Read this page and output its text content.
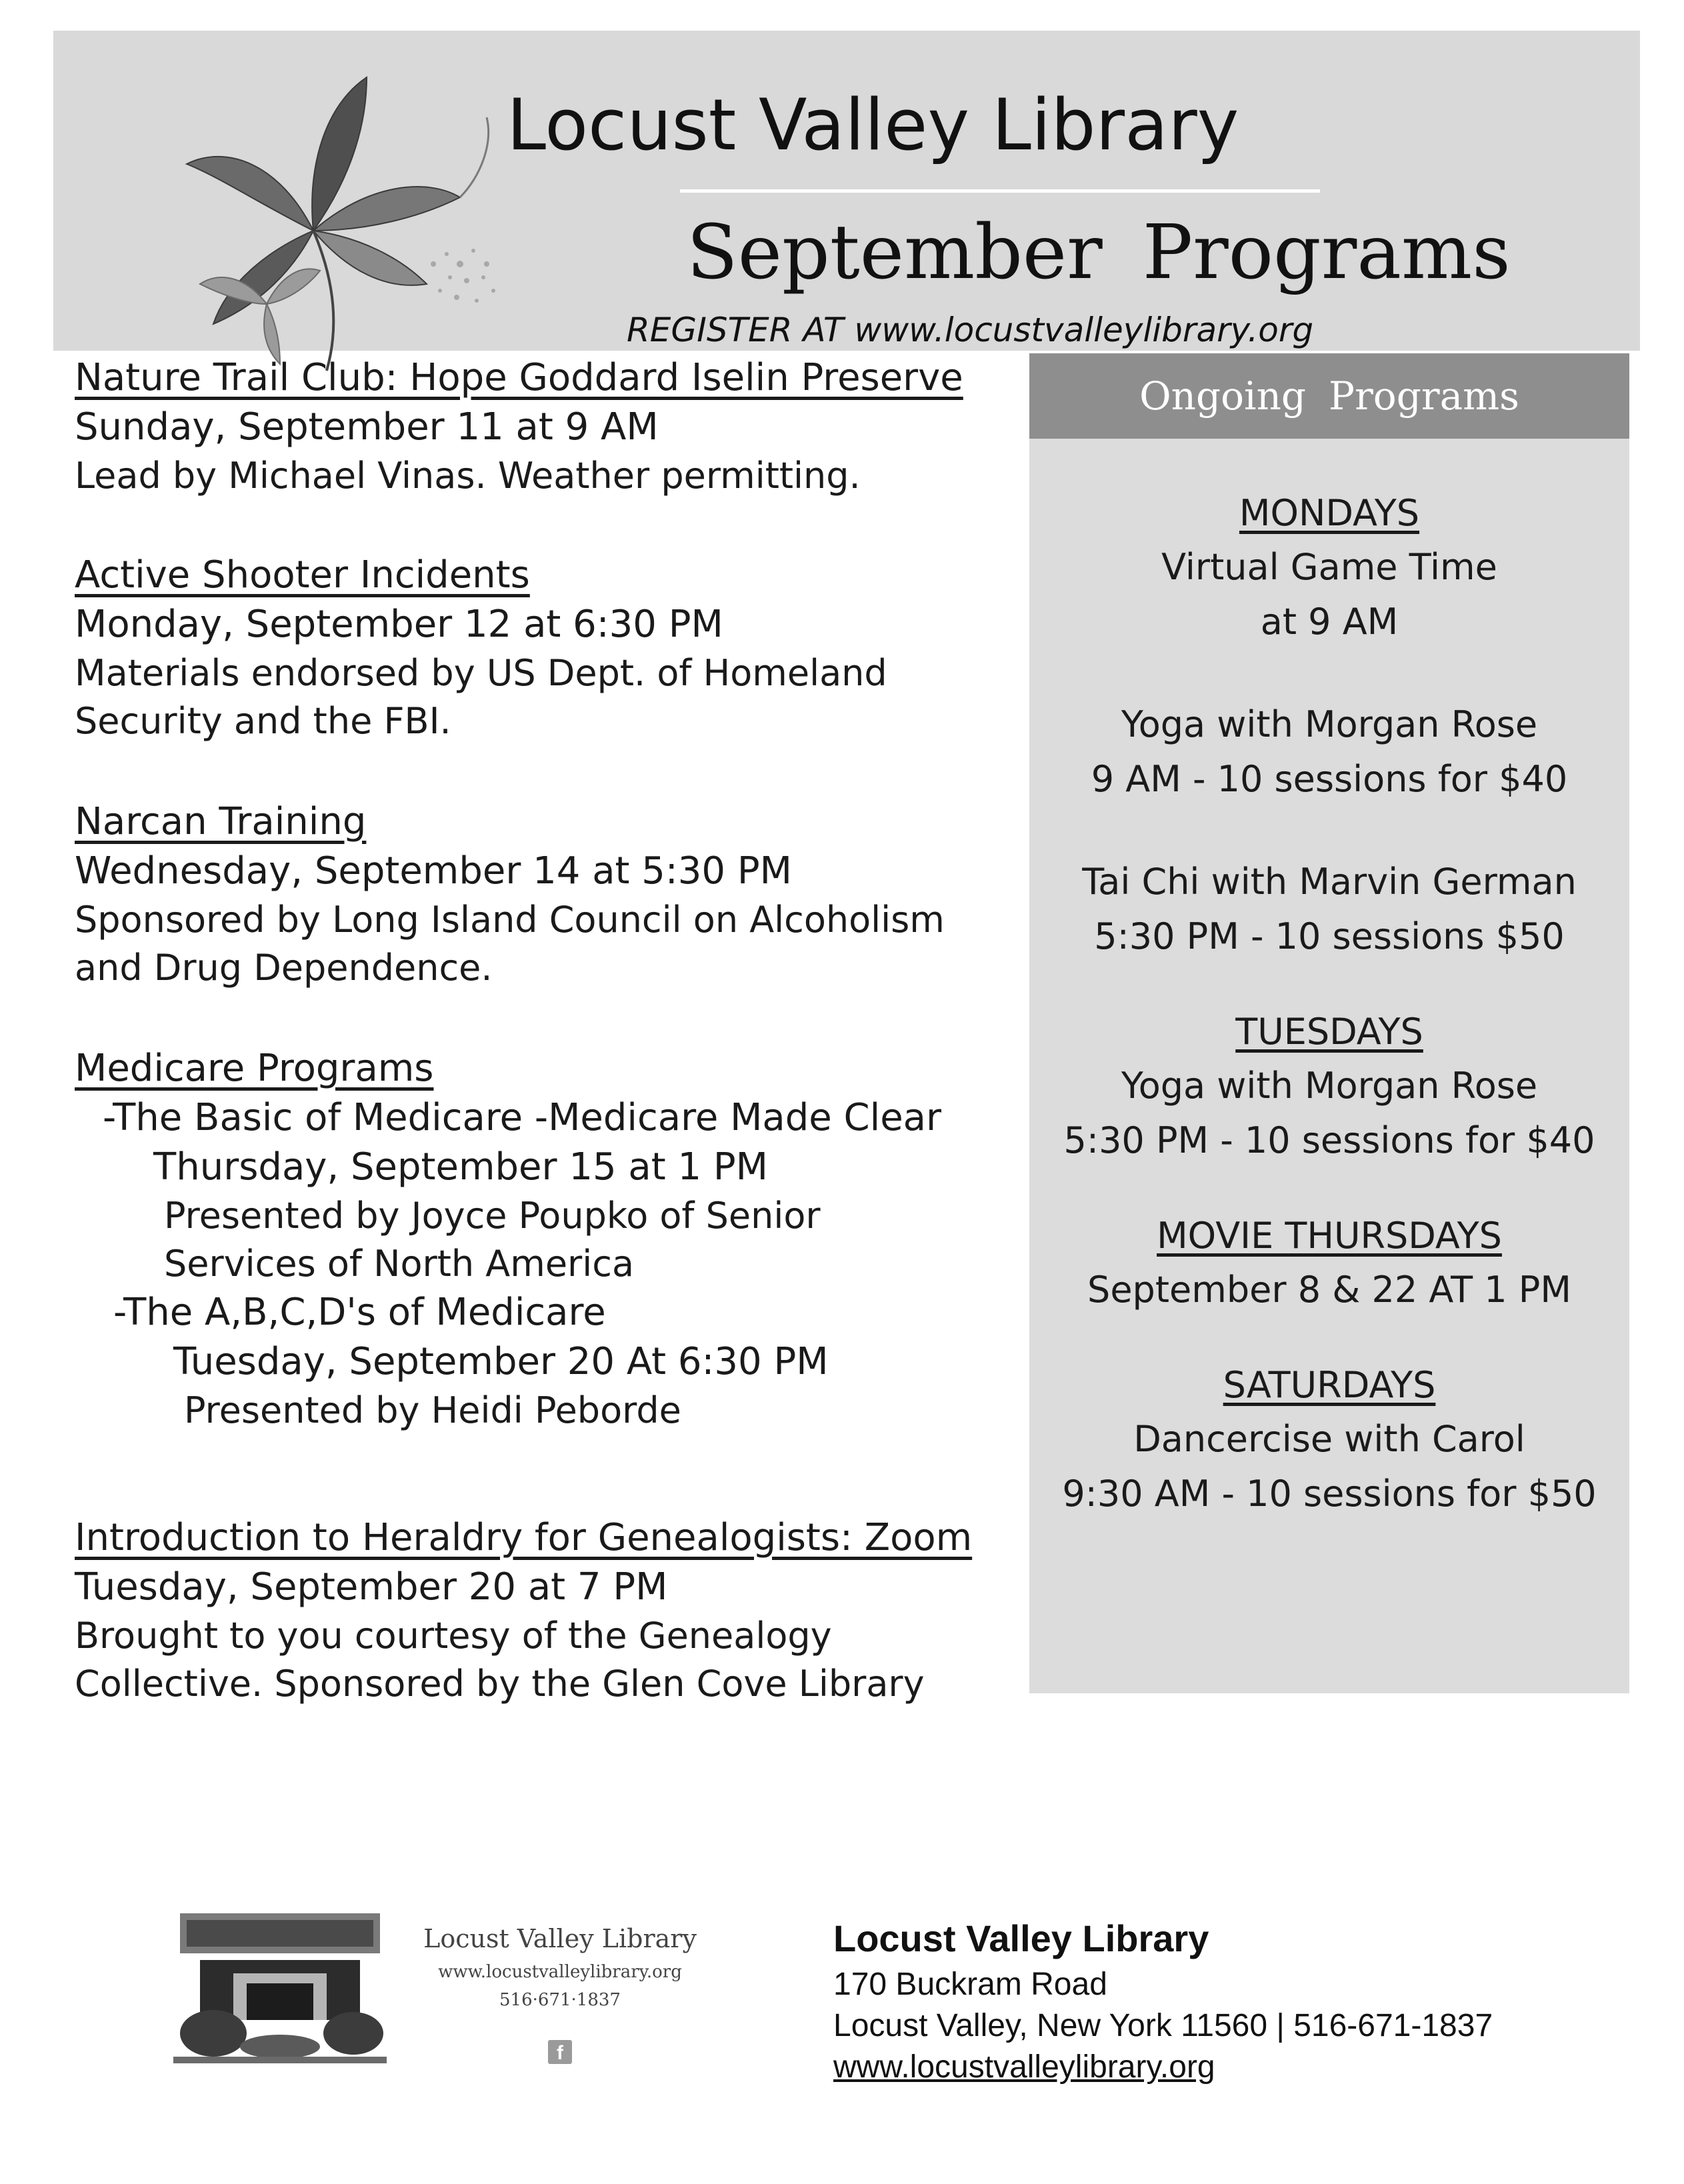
Locust Valley Library
September Programs
REGISTER AT www.locustvalleylibrary.org
Nature Trail Club: Hope Goddard Iselin Preserve
Sunday, September 11 at 9 AM
Lead by Michael Vinas. Weather permitting.
Active Shooter Incidents
Monday, September 12 at 6:30 PM
Materials endorsed by US Dept. of Homeland
Security and the FBI.
Narcan Training
Wednesday, September 14 at 5:30 PM
Sponsored by Long Island Council on Alcoholism
and Drug Dependence.
Medicare Programs
-The Basic of Medicare -Medicare Made Clear
Thursday, September 15 at 1 PM
Presented by Joyce Poupko of Senior
Services of North America
-The A,B,C,D's of Medicare
Tuesday, September 20 At 6:30 PM
Presented by Heidi Peborde
Introduction to Heraldry for Genealogists: Zoom
Tuesday, September 20 at 7 PM
Brought to you courtesy of the Genealogy
Collective. Sponsored by the Glen Cove Library
Ongoing Programs
MONDAYS
Virtual Game Time
at 9 AM
Yoga with Morgan Rose
9 AM - 10 sessions for $40
Tai Chi with Marvin German
5:30 PM - 10 sessions $50
TUESDAYS
Yoga with Morgan Rose
5:30 PM - 10 sessions for $40
MOVIE THURSDAYS
September 8 & 22 AT 1 PM
SATURDAYS
Dancercise with Carol
9:30 AM - 10 sessions for $50
Locust Valley Library
www.locustvalleylibrary.org
516·671·1837
f
Locust Valley Library
170 Buckram Road
Locust Valley, New York 11560 | 516-671-1837
www.locustvalleylibrary.org
